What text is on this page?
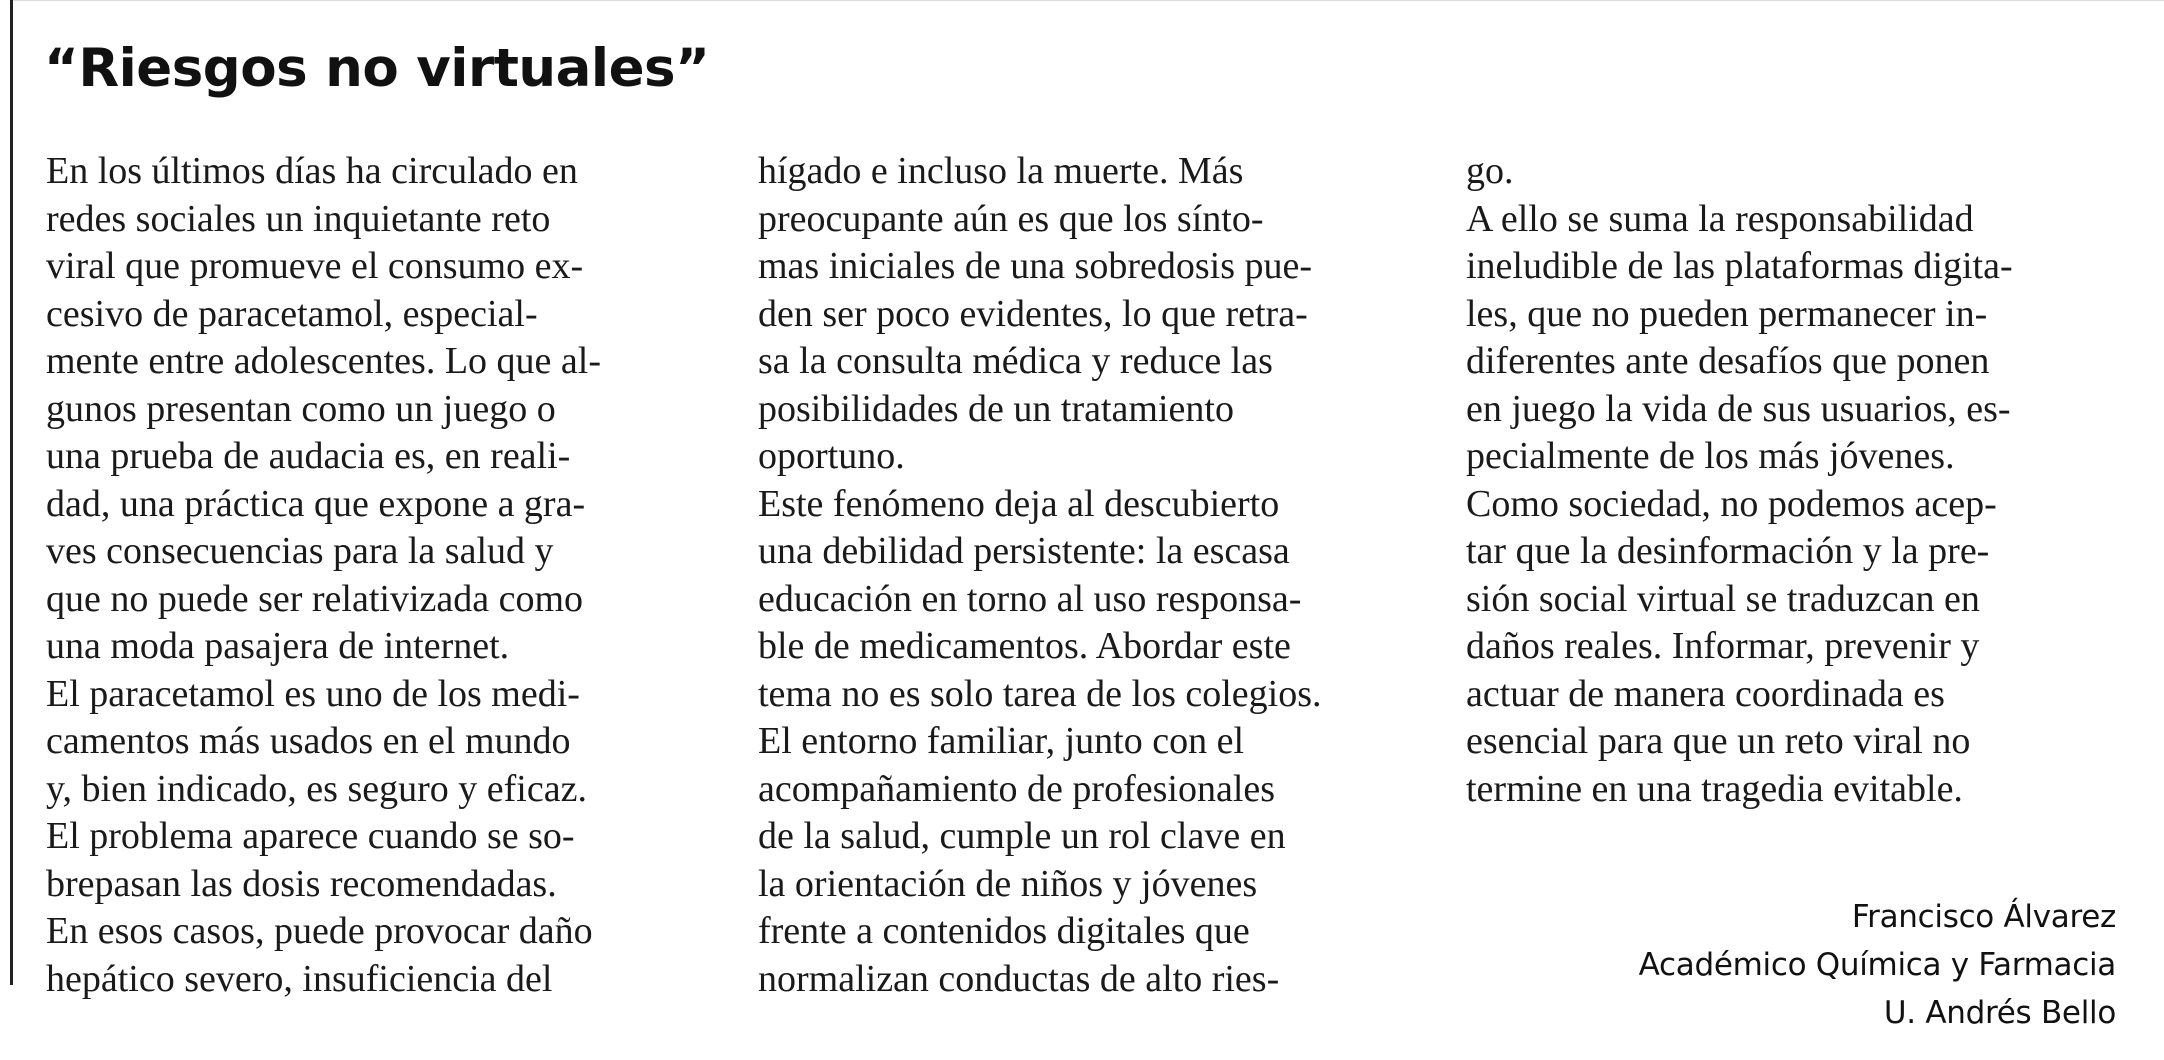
“Riesgos no virtuales”
En los últimos días ha circulado en
redes sociales un inquietante reto
viral que promueve el consumo ex-
cesivo de paracetamol, especial-
mente entre adolescentes. Lo que al-
gunos presentan como un juego o
una prueba de audacia es, en reali-
dad, una práctica que expone a gra-
ves consecuencias para la salud y
que no puede ser relativizada como
una moda pasajera de internet.
El paracetamol es uno de los medi-
camentos más usados en el mundo
y, bien indicado, es seguro y eficaz.
El problema aparece cuando se so-
brepasan las dosis recomendadas.
En esos casos, puede provocar daño
hepático severo, insuficiencia del
hígado e incluso la muerte. Más
preocupante aún es que los sínto-
mas iniciales de una sobredosis pue-
den ser poco evidentes, lo que retra-
sa la consulta médica y reduce las
posibilidades de un tratamiento
oportuno.
Este fenómeno deja al descubierto
una debilidad persistente: la escasa
educación en torno al uso responsa-
ble de medicamentos. Abordar este
tema no es solo tarea de los colegios.
El entorno familiar, junto con el
acompañamiento de profesionales
de la salud, cumple un rol clave en
la orientación de niños y jóvenes
frente a contenidos digitales que
normalizan conductas de alto ries-
go.
A ello se suma la responsabilidad
ineludible de las plataformas digita-
les, que no pueden permanecer in-
diferentes ante desafíos que ponen
en juego la vida de sus usuarios, es-
pecialmente de los más jóvenes.
Como sociedad, no podemos acep-
tar que la desinformación y la pre-
sión social virtual se traduzcan en
daños reales. Informar, prevenir y
actuar de manera coordinada es
esencial para que un reto viral no
termine en una tragedia evitable.
Francisco Álvarez
Académico Química y Farmacia
U. Andrés Bello
